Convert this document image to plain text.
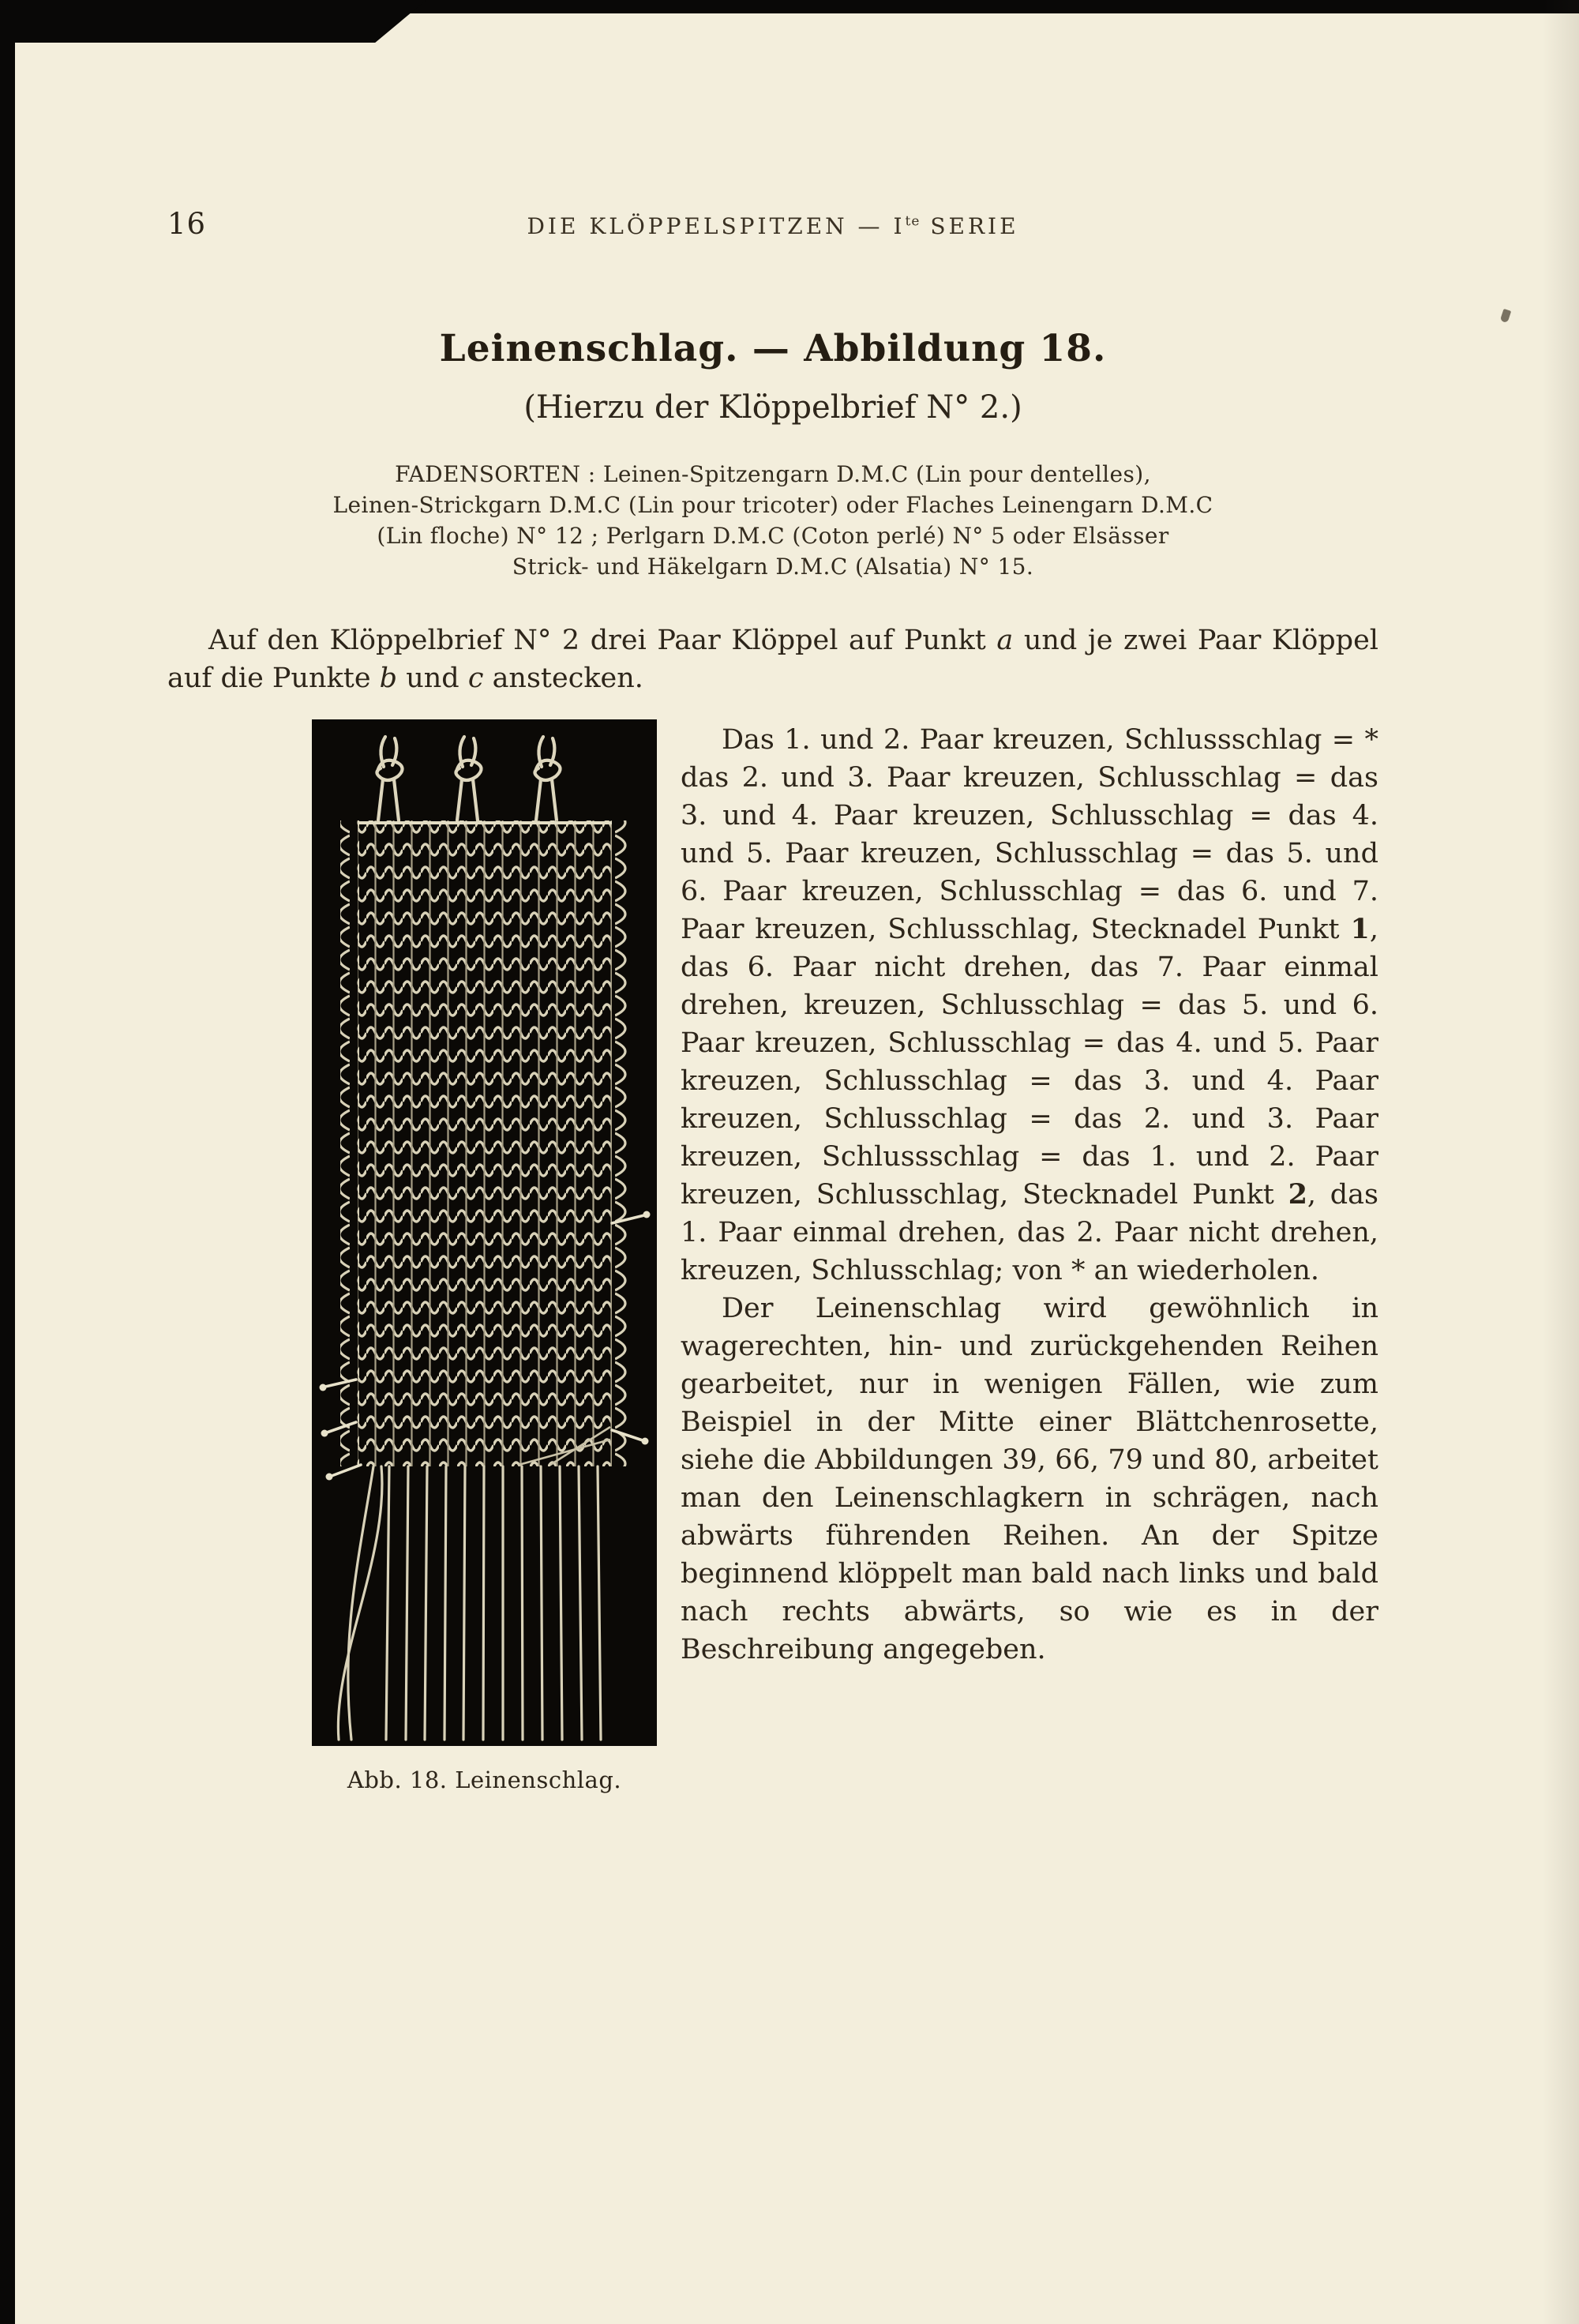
16	DIE KLÖPPELSPITZEN — $I^{te}$ SERIE
Leinenschlag. — Abbildung 18.
(Hierzu der Klöppelbrief N° 2.)
FADENSORTEN : Leinen-Spitzengarn D.M.C (Lin pour dentelles),
Leinen-Strickgarn D.M.C (Lin pour tricoter) oder Flaches Leinengarn D.M.C
(Lin floche) N° 12 ; Perlgarn D.M.C (Coton perlé) N° 5 oder Elsässer
Strick- und Häkelgarn D.M.C (Alsatia) N° 15.

Auf den Klöppelbrief N° 2 drei Paar Klöppel auf Punkt a und je zwei Paar Klöppel auf die Punkte b und c anstecken.

Abb. 18. Leinenschlag.

Das 1. und 2. Paar kreuzen, Schlussschlag = * das 2. und 3. Paar kreuzen, Schlusschlag = das 3. und 4. Paar kreuzen, Schlusschlag = das 4. und 5. Paar kreuzen, Schlusschlag = das 5. und 6. Paar kreuzen, Schlusschlag = das 6. und 7. Paar kreuzen, Schlusschlag, Stecknadel Punkt 1, das 6. Paar nicht drehen, das 7. Paar einmal drehen, kreuzen, Schlusschlag = das 5. und 6. Paar kreuzen, Schlusschlag = das 4. und 5. Paar kreuzen, Schlusschlag = das 3. und 4. Paar kreuzen, Schlusschlag = das 2. und 3. Paar kreuzen, Schlussschlag = das 1. und 2. Paar kreuzen, Schlusschlag, Stecknadel Punkt 2, das 1. Paar einmal drehen, das 2. Paar nicht drehen, kreuzen, Schlusschlag; von * an wiederholen.

Der Leinenschlag wird gewöhnlich in wagerechten, hin- und zurückgehenden Reihen gearbeitet, nur in wenigen Fällen, wie zum Beispiel in der Mitte einer Blättchenrosette, siehe die Abbildungen 39, 66, 79 und 80, arbeitet man den Leinenschlagkern in schrägen, nach abwärts führenden Reihen. An der Spitze beginnend klöppelt man bald nach links und bald nach rechts abwärts, so wie es in der Beschreibung angegeben.
